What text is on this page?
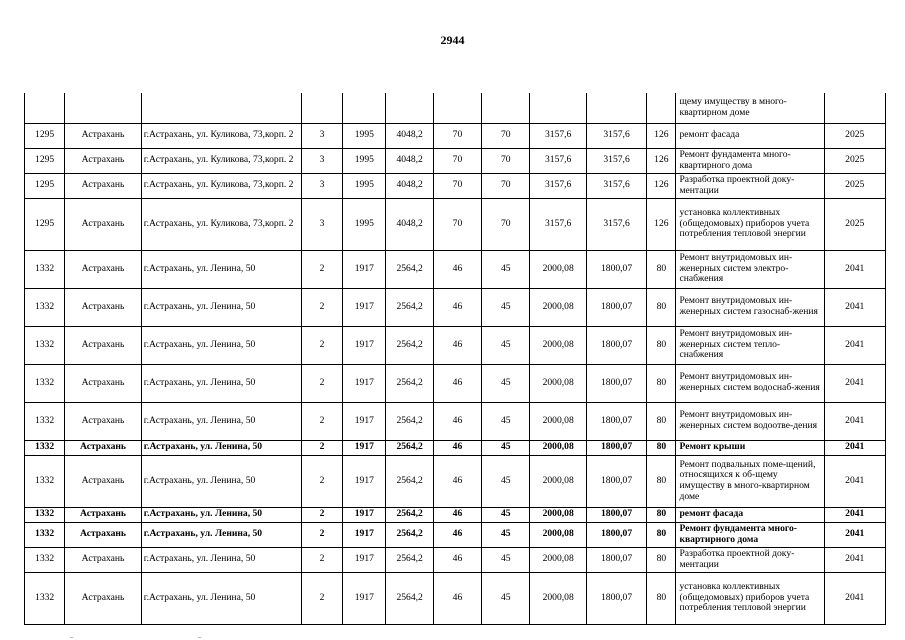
2944
											щему имуществу в много-квартирном доме	
1295	Астрахань	г.Астрахань, ул. Куликова, 73,корп. 2	3	1995	4048,2	70	70	3157,6	3157,6	126	ремонт фасада	2025
1295	Астрахань	г.Астрахань, ул. Куликова, 73,корп. 2	3	1995	4048,2	70	70	3157,6	3157,6	126	Ремонт фундамента много-квартирного дома	2025
1295	Астрахань	г.Астрахань, ул. Куликова, 73,корп. 2	3	1995	4048,2	70	70	3157,6	3157,6	126	Разработка проектной доку-ментации	2025
1295	Астрахань	г.Астрахань, ул. Куликова, 73,корп. 2	3	1995	4048,2	70	70	3157,6	3157,6	126	установка коллективных (общедомовых) приборов учета потребления тепловой энергии	2025
1332	Астрахань	г.Астрахань, ул. Ленина, 50	2	1917	2564,2	46	45	2000,08	1800,07	80	Ремонт внутридомовых ин-женерных систем электро-снабжения	2041
1332	Астрахань	г.Астрахань, ул. Ленина, 50	2	1917	2564,2	46	45	2000,08	1800,07	80	Ремонт внутридомовых ин-женерных систем газоснаб-жения	2041
1332	Астрахань	г.Астрахань, ул. Ленина, 50	2	1917	2564,2	46	45	2000,08	1800,07	80	Ремонт внутридомовых ин-женерных систем тепло-снабжения	2041
1332	Астрахань	г.Астрахань, ул. Ленина, 50	2	1917	2564,2	46	45	2000,08	1800,07	80	Ремонт внутридомовых ин-женерных систем водоснаб-жения	2041
1332	Астрахань	г.Астрахань, ул. Ленина, 50	2	1917	2564,2	46	45	2000,08	1800,07	80	Ремонт внутридомовых ин-женерных систем водоотве-дения	2041
1332	Астрахань	г.Астрахань, ул. Ленина, 50	2	1917	2564,2	46	45	2000,08	1800,07	80	Ремонт крыши	2041
1332	Астрахань	г.Астрахань, ул. Ленина, 50	2	1917	2564,2	46	45	2000,08	1800,07	80	Ремонт подвальных поме-щений, относящихся к об-щему имуществу в много-квартирном доме	2041
1332	Астрахань	г.Астрахань, ул. Ленина, 50	2	1917	2564,2	46	45	2000,08	1800,07	80	ремонт фасада	2041
1332	Астрахань	г.Астрахань, ул. Ленина, 50	2	1917	2564,2	46	45	2000,08	1800,07	80	Ремонт фундамента много-квартирного дома	2041
1332	Астрахань	г.Астрахань, ул. Ленина, 50	2	1917	2564,2	46	45	2000,08	1800,07	80	Разработка проектной доку-ментации	2041
1332	Астрахань	г.Астрахань, ул. Ленина, 50	2	1917	2564,2	46	45	2000,08	1800,07	80	установка коллективных (общедомовых) приборов учета потребления тепловой энергии	2041
